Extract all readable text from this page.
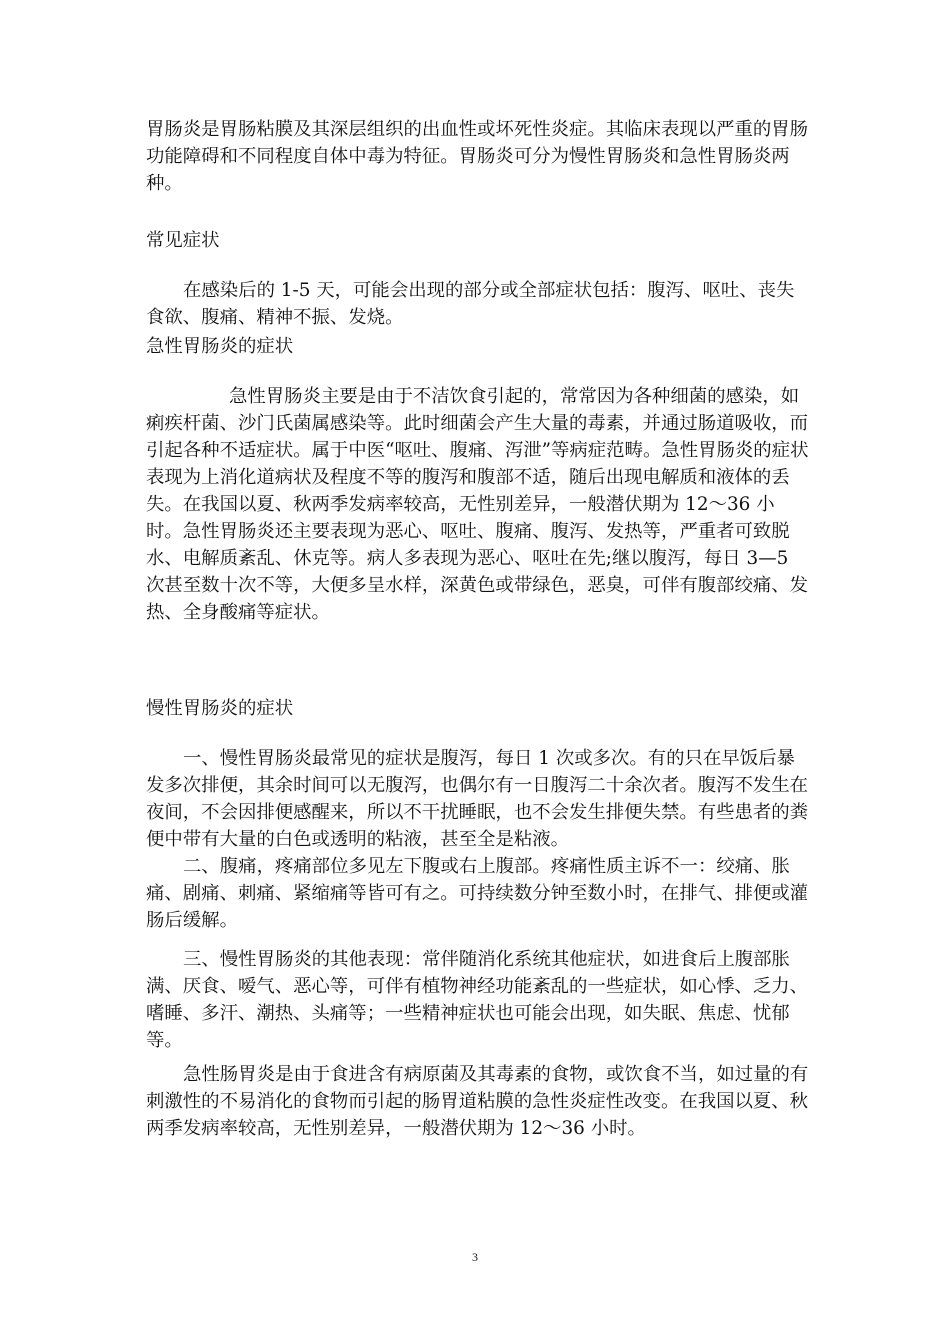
胃肠炎是胃肠粘膜及其深层组织的出血性或坏死性炎症。其临床表现以严重的胃肠功能障碍和不同程度自体中毒为特征。胃肠炎可分为慢性胃肠炎和急性胃肠炎两种。

常见症状

在感染后的 1-5 天，可能会出现的部分或全部症状包括：腹泻、呕吐、丧失食欲、腹痛、精神不振、发烧。

急性胃肠炎的症状

急性胃肠炎主要是由于不洁饮食引起的，常常因为各种细菌的感染，如痢疾杆菌、沙门氏菌属感染等。此时细菌会产生大量的毒素，并通过肠道吸收，而引起各种不适症状。属于中医“呕吐、腹痛、泻泄”等病症范畴。急性胃肠炎的症状表现为上消化道病状及程度不等的腹泻和腹部不适，随后出现电解质和液体的丢失。在我国以夏、秋两季发病率较高，无性别差异，一般潜伏期为 12～36 小时。急性胃肠炎还主要表现为恶心、呕吐、腹痛、腹泻、发热等，严重者可致脱水、电解质紊乱、休克等。病人多表现为恶心、呕吐在先;继以腹泻，每日 3—5 次甚至数十次不等，大便多呈水样，深黄色或带绿色，恶臭，可伴有腹部绞痛、发热、全身酸痛等症状。

慢性胃肠炎的症状

一、慢性胃肠炎最常见的症状是腹泻，每日 1 次或多次。有的只在早饭后暴发多次排便，其余时间可以无腹泻，也偶尔有一日腹泻二十余次者。腹泻不发生在夜间，不会因排便感醒来，所以不干扰睡眠，也不会发生排便失禁。有些患者的粪便中带有大量的白色或透明的粘液，甚至全是粘液。

二、腹痛，疼痛部位多见左下腹或右上腹部。疼痛性质主诉不一：绞痛、胀痛、剧痛、刺痛、紧缩痛等皆可有之。可持续数分钟至数小时，在排气、排便或灌肠后缓解。

三、慢性胃肠炎的其他表现：常伴随消化系统其他症状，如进食后上腹部胀满、厌食、嗳气、恶心等，可伴有植物神经功能紊乱的一些症状，如心悸、乏力、嗜睡、多汗、潮热、头痛等；一些精神症状也可能会出现，如失眠、焦虑、忧郁等。

急性肠胃炎是由于食进含有病原菌及其毒素的食物，或饮食不当，如过量的有刺激性的不易消化的食物而引起的肠胃道粘膜的急性炎症性改变。在我国以夏、秋两季发病率较高，无性别差异，一般潜伏期为 12～36 小时。

3
